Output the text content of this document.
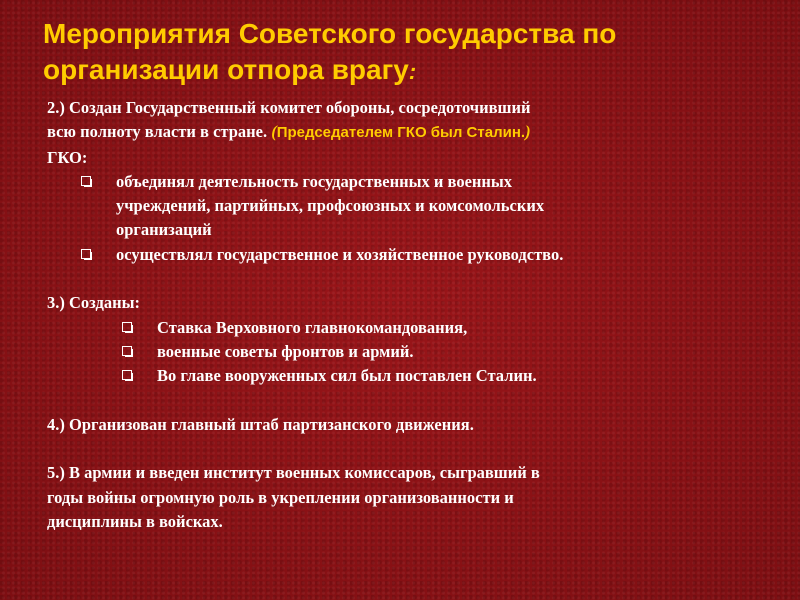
Мероприятия Советского государства по
организации отпора врагу:
2.) Создан Государственный комитет обороны, сосредоточивший
всю полноту власти в стране. (Председателем ГКО был Сталин.)
ГКО:
объединял деятельность государственных и военных
учреждений, партийных, профсоюзных и комсомольских
организаций
осуществлял государственное и хозяйственное руководство.
3.) Созданы:
Ставка Верховного главнокомандования,
военные советы фронтов и армий.
Во главе вооруженных сил был поставлен Сталин.
4.) Организован главный штаб партизанского движения.
5.) В армии и введен институт военных комиссаров, сыгравший в
годы войны огромную роль в укреплении организованности и
дисциплины в войсках.
